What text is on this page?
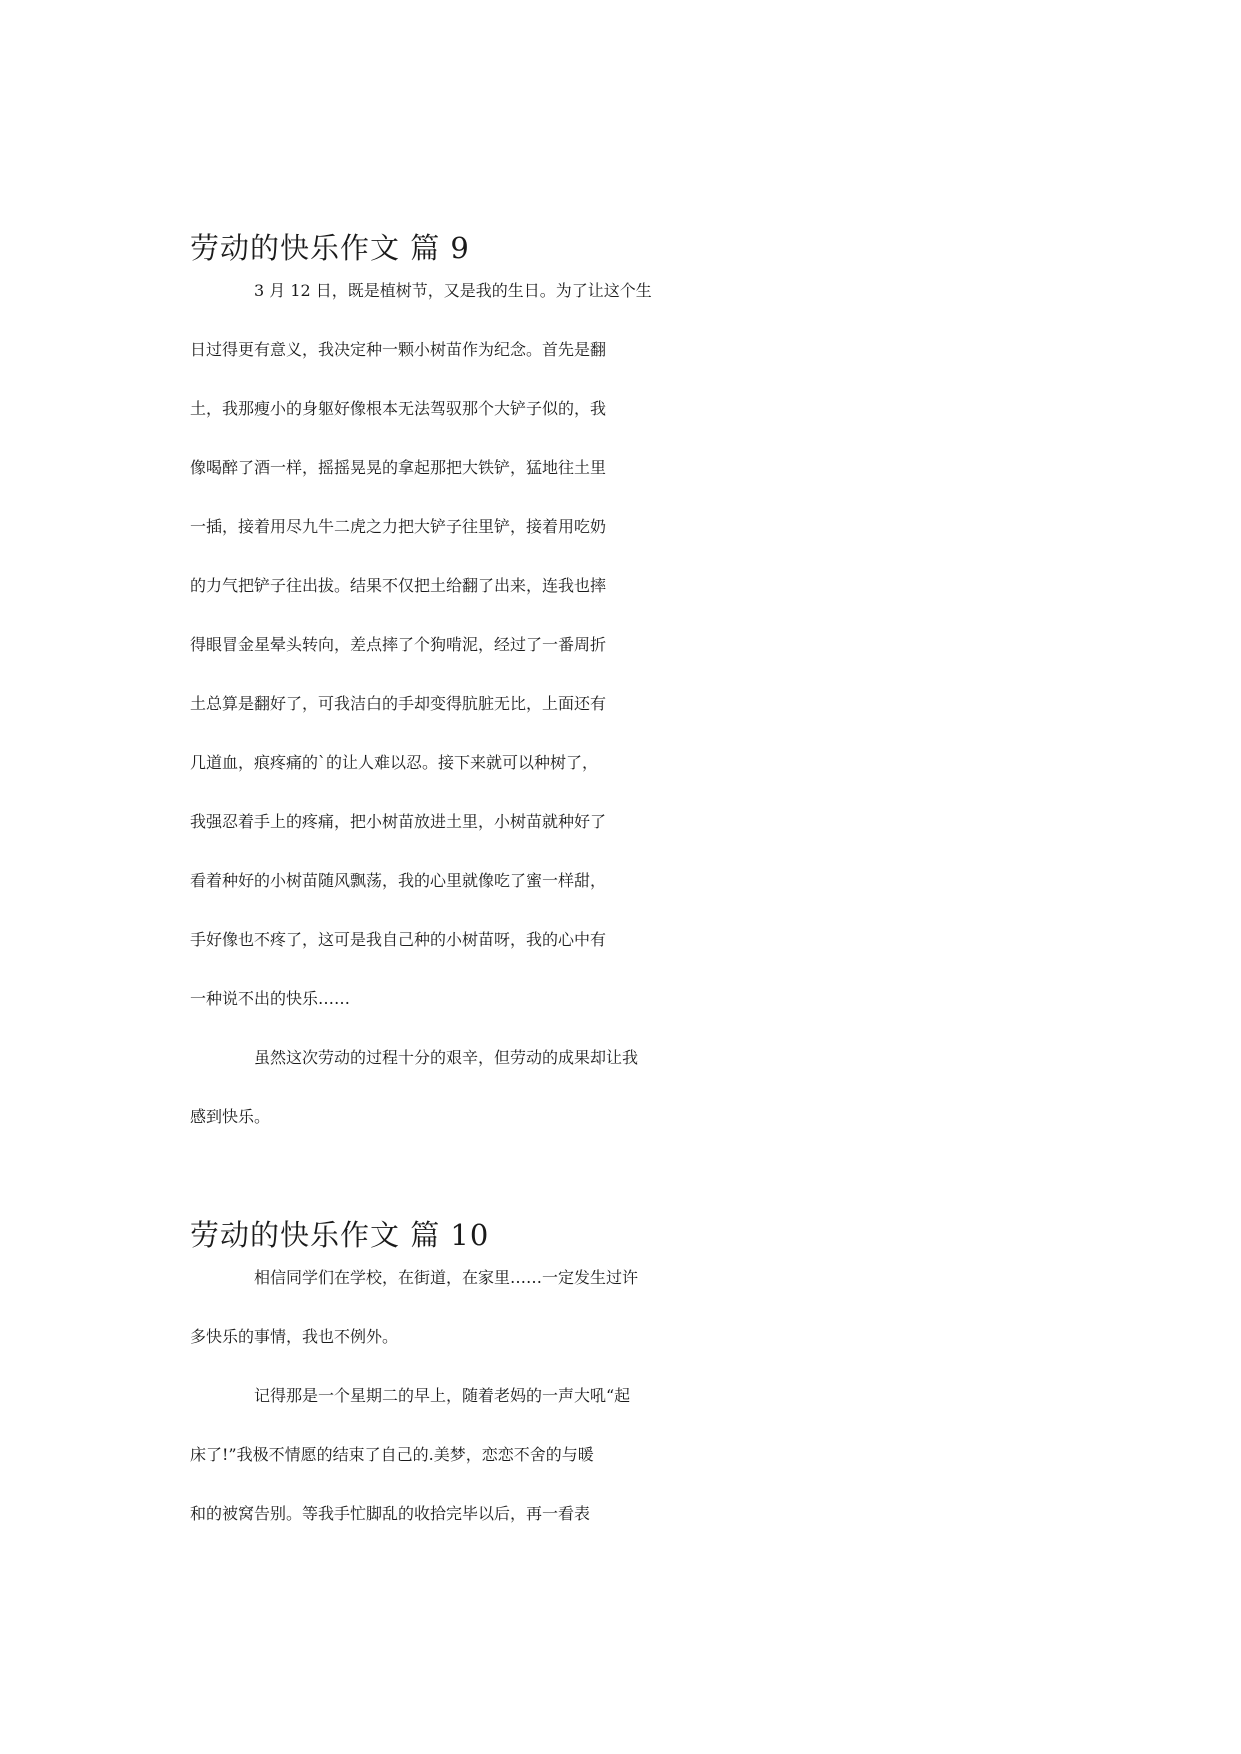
劳动的快乐作文 篇 9
3 月 12 日，既是植树节，又是我的生日。为了让这个生
日过得更有意义，我决定种一颗小树苗作为纪念。首先是翻
土，我那瘦小的身躯好像根本无法驾驭那个大铲子似的，我
像喝醉了酒一样，摇摇晃晃的拿起那把大铁铲，猛地往土里
一插，接着用尽九牛二虎之力把大铲子往里铲，接着用吃奶
的力气把铲子往出拔。结果不仅把土给翻了出来，连我也摔
得眼冒金星晕头转向，差点摔了个狗啃泥，经过了一番周折
土总算是翻好了，可我洁白的手却变得肮脏无比，上面还有
几道血，痕疼痛的`的让人难以忍。接下来就可以种树了，
我强忍着手上的疼痛，把小树苗放进土里，小树苗就种好了
看着种好的小树苗随风飘荡，我的心里就像吃了蜜一样甜，
手好像也不疼了，这可是我自己种的小树苗呀，我的心中有
一种说不出的快乐……
虽然这次劳动的过程十分的艰辛，但劳动的成果却让我
感到快乐。
劳动的快乐作文 篇 10
相信同学们在学校，在街道，在家里……一定发生过许
多快乐的事情，我也不例外。
记得那是一个星期二的早上，随着老妈的一声大吼“起
床了!”我极不情愿的结束了自己的.美梦，恋恋不舍的与暖
和的被窝告别。等我手忙脚乱的收拾完毕以后，再一看表
